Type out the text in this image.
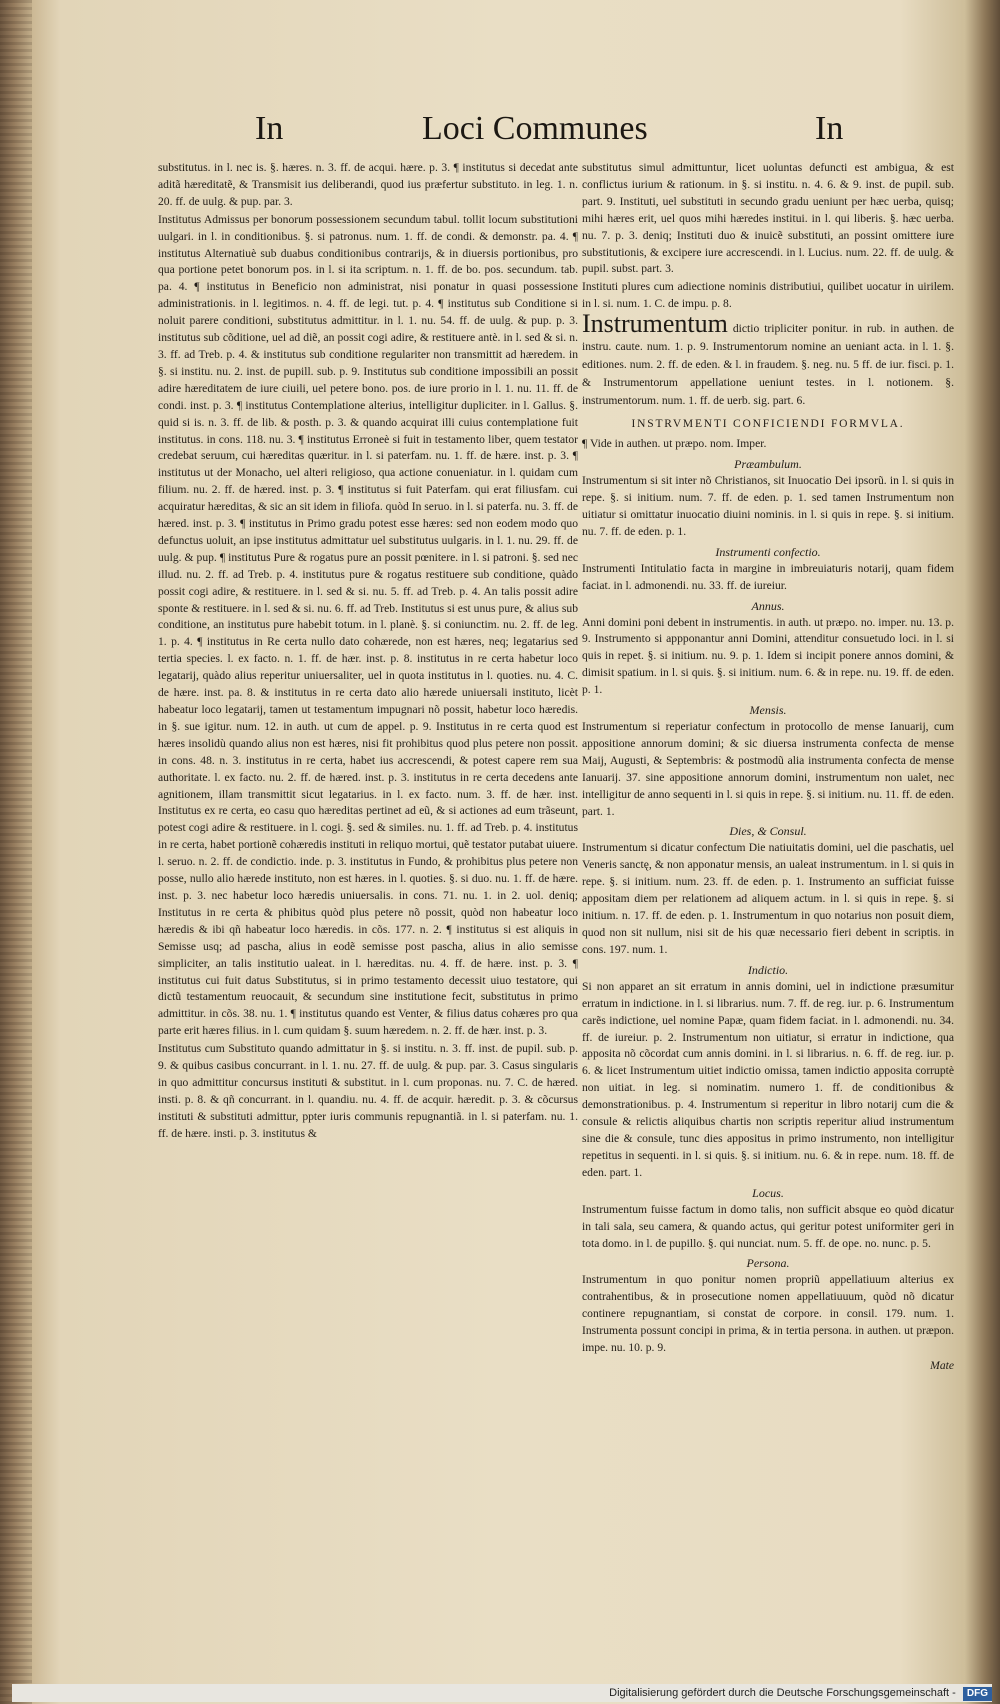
In	Loci Communes	In

substitutus. in l. nec is. §. hæres. n. 3. ff. de acqui. hære. p. 3. ¶ institutus si decedat ante aditã hæreditatẽ, & Transmisit ius deliberandi, quod ius præfertur substituto. in leg. 1. n. 20. ff. de uulg. & pup. par. 3.

Institutus Admissus per bonorum possessionem secundum tabul. tollit locum substitutioni uulgari. in l. in conditionibus. §. si patronus. num. 1. ff. de condi. & demonstr. pa. 4. ¶ institutus Alternatiuè sub duabus conditionibus contrarijs, & in diuersis portionibus, pro qua portione petet bonorum pos. in l. si ita scriptum. n. 1. ff. de bo. pos. secundum. tab. pa. 4. ¶ institutus in Beneficio non administrat, nisi ponatur in quasi possessione administrationis. in l. legitimos. n. 4. ff. de legi. tut. p. 4. ¶ institutus sub Conditione si noluit parere conditioni, substitutus admittitur. in l. 1. nu. 54. ff. de uulg. & pup. p. 3. institutus sub cõditione, uel ad diẽ, an possit cogi adire, & restituere antè. in l. sed & si. n. 3. ff. ad Treb. p. 4. & institutus sub conditione regulariter non transmittit ad hæredem. in §. si institu. nu. 2. inst. de pupill. sub. p. 9. Institutus sub conditione impossibili an possit adire hæreditatem de iure ciuili, uel petere bono. pos. de iure prorio in l. 1. nu. 11. ff. de condi. inst. p. 3. ¶ institutus Contemplatione alterius, intelligitur dupliciter. in l. Gallus. §. quid si is. n. 3. ff. de lib. & posth. p. 3. & quando acquirat illi cuius contemplatione fuit institutus. in cons. 118. nu. 3. ¶ institutus Erroneè si fuit in testamento liber, quem testator credebat seruum, cui hæreditas quæritur. in l. si paterfam. nu. 1. ff. de hære. inst. p. 3. ¶ institutus ut der Monacho, uel alteri religioso, qua actione conueniatur. in l. quidam cum filium. nu. 2. ff. de hæred. inst. p. 3. ¶ institutus si fuit Paterfam. qui erat filiusfam. cui acquiratur hæreditas, & sic an sit idem in filiofa. quòd In seruo. in l. si paterfa. nu. 3. ff. de hæred. inst. p. 3. ¶ institutus in Primo gradu potest esse hæres: sed non eodem modo quo defunctus uoluit, an ipse institutus admittatur uel substitutus uulgaris. in l. 1. nu. 29. ff. de uulg. & pup. ¶ institutus Pure & rogatus pure an possit pœnitere. in l. si patroni. §. sed nec illud. nu. 2. ff. ad Treb. p. 4. institutus pure & rogatus restituere sub conditione, quàdo possit cogi adire, & restituere. in l. sed & si. nu. 5. ff. ad Treb. p. 4. An talis possit adire sponte & restituere. in l. sed & si. nu. 6. ff. ad Treb. Institutus si est unus pure, & alius sub conditione, an institutus pure habebit totum. in l. planè. §. si coniunctim. nu. 2. ff. de leg. 1. p. 4. ¶ institutus in Re certa nullo dato cohærede, non est hæres, neq; legatarius sed tertia species. l. ex facto. n. 1. ff. de hær. inst. p. 8. institutus in re certa habetur loco legatarij, quàdo alius reperitur uniuersaliter, uel in quota institutus in l. quoties. nu. 4. C. de hære. inst. pa. 8. & institutus in re certa dato alio hærede uniuersali instituto, licèt habeatur loco legatarij, tamen ut testamentum impugnari nõ possit, habetur loco hæredis. in §. sue igitur. num. 12. in auth. ut cum de appel. p. 9. Institutus in re certa quod est hæres insolidù quando alius non est hæres, nisi fit prohibitus quod plus petere non possit. in cons. 48. n. 3. institutus in re certa, habet ius accrescendi, & potest capere rem sua authoritate. l. ex facto. nu. 2. ff. de hæred. inst. p. 3. institutus in re certa decedens ante agnitionem, illam transmittit sicut legatarius. in l. ex facto. num. 3. ff. de hær. inst. Institutus ex re certa, eo casu quo hæreditas pertinet ad eũ, & si actiones ad eum trãseunt, potest cogi adire & restituere. in l. cogi. §. sed & similes. nu. 1. ff. ad Treb. p. 4. institutus in re certa, habet portionẽ cohæredis instituti in reliquo mortui, quẽ testator putabat uiuere. l. seruo. n. 2. ff. de condictio. inde. p. 3. institutus in Fundo, & prohibitus plus petere non posse, nullo alio hærede instituto, non est hæres. in l. quoties. §. si duo. nu. 1. ff. de hære. inst. p. 3. nec habetur loco hæredis uniuersalis. in cons. 71. nu. 1. in 2. uol. deniq; Institutus in re certa & phibitus quòd plus petere nõ possit, quòd non habeatur loco hæredis & ibi qñ habeatur loco hæredis. in cõs. 177. n. 2. ¶ institutus si est aliquis in Semisse usq; ad pascha, alius in eodẽ semisse post pascha, alius in alio semisse simpliciter, an talis institutio ualeat. in l. hæreditas. nu. 4. ff. de hære. inst. p. 3. ¶ institutus cui fuit datus Substitutus, si in primo testamento decessit uiuo testatore, qui dictũ testamentum reuocauit, & secundum sine institutione fecit, substitutus in primo admittitur. in cõs. 38. nu. 1. ¶ institutus quando est Venter, & filius datus cohæres pro qua parte erit hæres filius. in l. cum quidam §. suum hæredem. n. 2. ff. de hær. inst. p. 3.

Institutus cum Substituto quando admittatur in §. si institu. n. 3. ff. inst. de pupil. sub. p. 9. & quibus casibus concurrant. in l. 1. nu. 27. ff. de uulg. & pup. par. 3. Casus singularis in quo admittitur concursus instituti & substitut. in l. cum proponas. nu. 7. C. de hæred. insti. p. 8. & qñ concurrant. in l. quandiu. nu. 4. ff. de acquir. hæredit. p. 3. & cõcursus instituti & substituti admittur, ppter iuris communis repugnantiã. in l. si paterfam. nu. 1. ff. de hære. insti. p. 3. institutus &

substitutus simul admittuntur, licet uoluntas defuncti est ambigua, & est conflictus iurium & rationum. in §. si institu. n. 4. 6. & 9. inst. de pupil. sub. part. 9. Instituti, uel substituti in secundo gradu ueniunt per hæc uerba, quisq; mihi hæres erit, uel quos mihi hæredes institui. in l. qui liberis. §. hæc uerba. nu. 7. p. 3. deniq; Instituti duo & inuicẽ substituti, an possint omittere iure substitutionis, & excipere iure accrescendi. in l. Lucius. num. 22. ff. de uulg. & pupil. subst. part. 3.

Instituti plures cum adiectione nominis distributiui, quilibet uocatur in uirilem. in l. si. num. 1. C. de impu. p. 8.

Instrumentum dictio tripliciter ponitur. in rub. in authen. de instru. caute. num. 1. p. 9. Instrumentorum nomine an ueniant acta. in l. 1. §. editiones. num. 2. ff. de eden. & l. in fraudem. §. neg. nu. 5 ff. de iur. fisci. p. 1. & Instrumentorum appellatione ueniunt testes. in l. notionem. §. instrumentorum. num. 1. ff. de uerb. sig. part. 6.

INSTRVMENTI CONFICIENDI FORMVLA.

¶ Vide in authen. ut præpo. nom. Imper.

Præambulum.

Instrumentum si sit inter nõ Christianos, sit Inuocatio Dei ipsorũ. in l. si quis in repe. §. si initium. num. 7. ff. de eden. p. 1. sed tamen Instrumentum non uitiatur si omittatur inuocatio diuini nominis. in l. si quis in repe. §. si initium. nu. 7. ff. de eden. p. 1.

Instrumenti confectio.

Instrumenti Intitulatio facta in margine in imbreuiaturis notarij, quam fidem faciat. in l. admonendi. nu. 33. ff. de iureiur.

Annus.

Anni domini poni debent in instrumentis. in auth. ut præpo. no. imper. nu. 13. p. 9. Instrumento si appponantur anni Domini, attenditur consuetudo loci. in l. si quis in repet. §. si initium. nu. 9. p. 1. Idem si incipit ponere annos domini, & dimisit spatium. in l. si quis. §. si initium. num. 6. & in repe. nu. 19. ff. de eden. p. 1.

Mensis.

Instrumentum si reperiatur confectum in protocollo de mense Ianuarij, cum appositione annorum domini; & sic diuersa instrumenta confecta de mense Maij, Augusti, & Septembris: & postmodũ alia instrumenta confecta de mense Ianuarij. 37. sine appositione annorum domini, instrumentum non ualet, nec intelligitur de anno sequenti in l. si quis in repe. §. si initium. nu. 11. ff. de eden. part. 1.

Dies, & Consul.

Instrumentum si dicatur confectum Die natiuitatis domini, uel die paschatis, uel Veneris sanctę, & non apponatur mensis, an ualeat instrumentum. in l. si quis in repe. §. si initium. num. 23. ff. de eden. p. 1. Instrumento an sufficiat fuisse appositam diem per relationem ad aliquem actum. in l. si quis in repe. §. si initium. n. 17. ff. de eden. p. 1. Instrumentum in quo notarius non posuit diem, quod non sit nullum, nisi sit de his quæ necessario fieri debent in scriptis. in cons. 197. num. 1.

Indictio.

Si non apparet an sit erratum in annis domini, uel in indictione præsumitur erratum in indictione. in l. si librarius. num. 7. ff. de reg. iur. p. 6. Instrumentum carẽs indictione, uel nomine Papæ, quam fidem faciat. in l. admonendi. nu. 34. ff. de iureiur. p. 2. Instrumentum non uitiatur, si erratur in indictione, qua apposita nõ cõcordat cum annis domini. in l. si librarius. n. 6. ff. de reg. iur. p. 6. & licet Instrumentum uitiet indictio omissa, tamen indictio apposita corruptè non uitiat. in leg. si nominatim. numero 1. ff. de conditionibus & demonstrationibus. p. 4. Instrumentum si reperitur in libro notarij cum die & consule & relictis aliquibus chartis non scriptis reperitur aliud instrumentum sine die & consule, tunc dies appositus in primo instrumento, non intelligitur repetitus in sequenti. in l. si quis. §. si initium. nu. 6. & in repe. num. 18. ff. de eden. part. 1.

Locus.

Instrumentum fuisse factum in domo talis, non sufficit absque eo quòd dicatur in tali sala, seu camera, & quando actus, qui geritur potest uniformiter geri in tota domo. in l. de pupillo. §. qui nunciat. num. 5. ff. de ope. no. nunc. p. 5.

Persona.

Instrumentum in quo ponitur nomen propriũ appellatiuum alterius ex contrahentibus, & in prosecutione nomen appellatiuuum, quòd nõ dicatur continere repugnantiam, si constat de corpore. in consil. 179. num. 1. Instrumenta possunt concipi in prima, & in tertia persona. in authen. ut præpon. impe. nu. 10. p. 9.

Mate

Digitalisierung gefördert durch die Deutsche Forschungsgemeinschaft - DFG
